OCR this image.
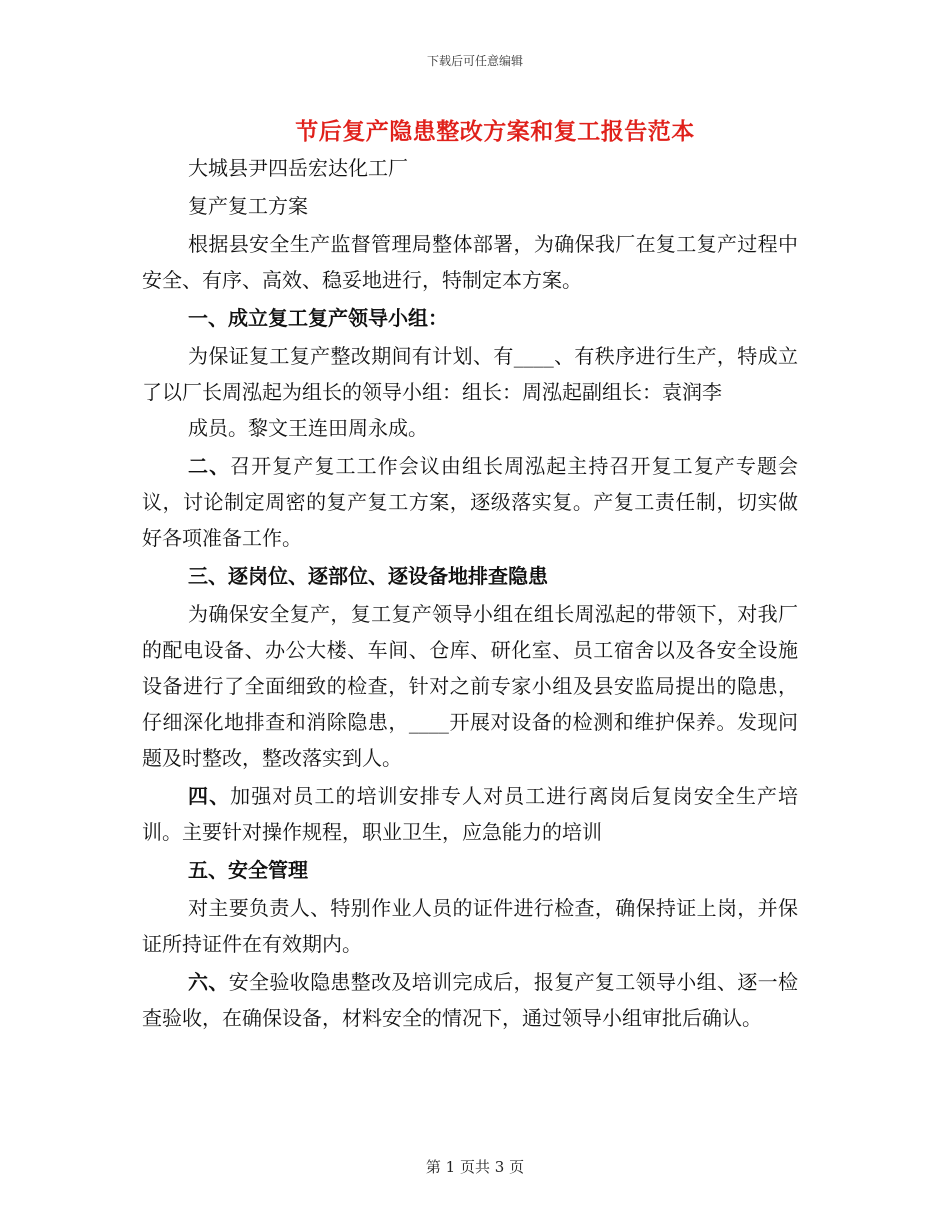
下载后可任意编辑
节后复产隐患整改方案和复工报告范本

大城县尹四岳宏达化工厂

复产复工方案

根据县安全生产监督管理局整体部署，为确保我厂在复工复产过程中安全、有序、高效、稳妥地进行，特制定本方案。

一、成立复工复产领导小组：

为保证复工复产整改期间有计划、有____、有秩序进行生产，特成立了以厂长周泓起为组长的领导小组：组长：周泓起副组长：袁润李

成员。黎文王连田周永成。

二、召开复产复工工作会议由组长周泓起主持召开复工复产专题会议，讨论制定周密的复产复工方案，逐级落实复。产复工责任制，切实做好各项准备工作。

三、逐岗位、逐部位、逐设备地排查隐患

为确保安全复产，复工复产领导小组在组长周泓起的带领下，对我厂的配电设备、办公大楼、车间、仓库、研化室、员工宿舍以及各安全设施设备进行了全面细致的检查，针对之前专家小组及县安监局提出的隐患，仔细深化地排查和消除隐患，____开展对设备的检测和维护保养。发现问题及时整改，整改落实到人。

四、加强对员工的培训安排专人对员工进行离岗后复岗安全生产培训。主要针对操作规程，职业卫生，应急能力的培训

五、安全管理

对主要负责人、特别作业人员的证件进行检查，确保持证上岗，并保证所持证件在有效期内。

六、安全验收隐患整改及培训完成后，报复产复工领导小组、逐一检查验收，在确保设备，材料安全的情况下，通过领导小组审批后确认。

第 1 页共 3 页
